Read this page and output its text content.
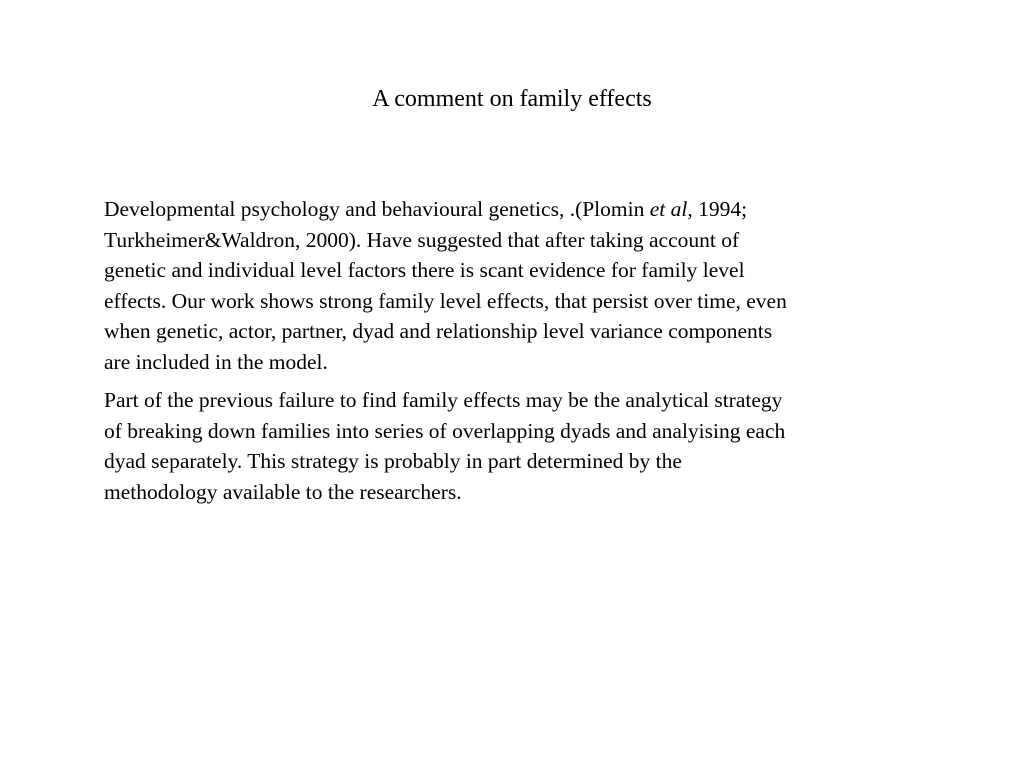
A comment on family effects

Developmental psychology and behavioural genetics, .(Plomin et al, 1994;
Turkheimer&Waldron, 2000). Have suggested that after taking account of
genetic and individual level factors there is scant evidence for family level
effects. Our work shows strong family level effects, that persist over time, even
when genetic, actor, partner, dyad and relationship level variance components
are included in the model.

Part of the previous failure to find family effects may be the analytical strategy
of breaking down families into series of overlapping dyads and analyising each
dyad separately. This strategy is probably in part determined by the
methodology available to the researchers.
